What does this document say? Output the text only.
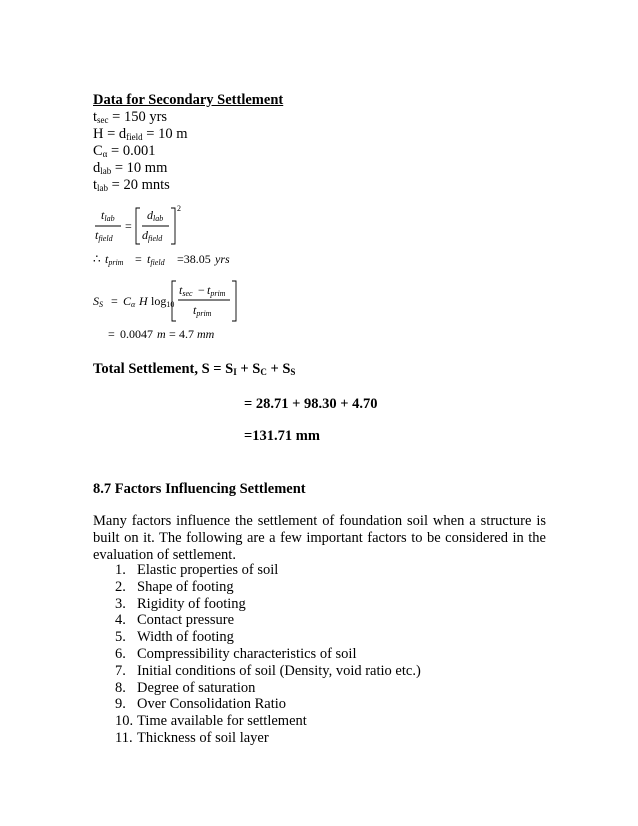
Data for Secondary Settlement
$t_{sec} = 150$ yrs
$H = d_{field} = 10$ m
$C_\alpha = 0.001$
$d_{lab} = 10$ mm
$t_{lab} = 20$ mnts
tlab
tfield
=
dlab
dfield
2
∴ tprim = tfield =38.05 yrs
SS = Cα H log10
tsec − tprim
tprim
= 0.0047 m = 4.7 mm
Total Settlement, $S = S_I + S_C + S_S$
= 28.71 + 98.30 + 4.70
=131.71 mm
8.7 Factors Influencing Settlement
Many factors influence the settlement of foundation soil when a structure is built on it. The following are a few important factors to be considered in the evaluation of settlement.
1. Elastic properties of soil
2. Shape of footing
3. Rigidity of footing
4. Contact pressure
5. Width of footing
6. Compressibility characteristics of soil
7. Initial conditions of soil (Density, void ratio etc.)
8. Degree of saturation
9. Over Consolidation Ratio
10. Time available for settlement
11. Thickness of soil layer
